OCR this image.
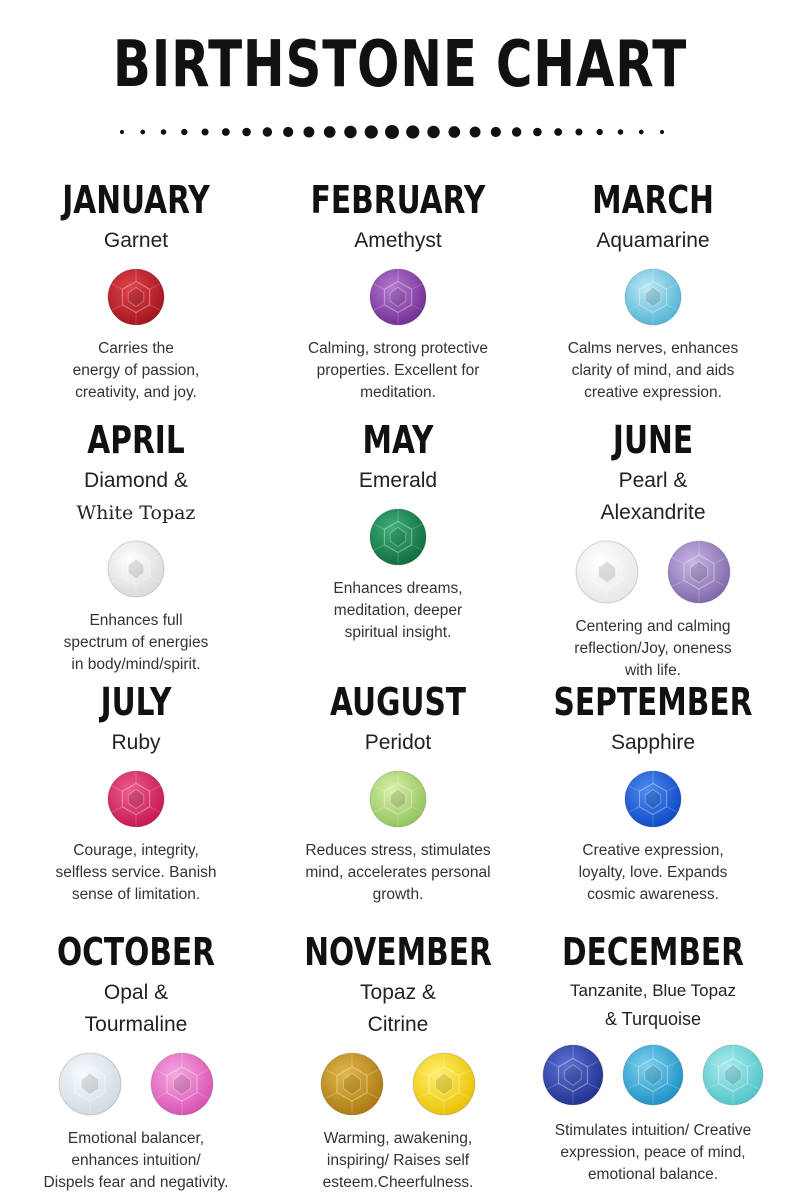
BIRTHSTONE CHART
JANUARY
Garnet
Carries the
energy of passion,
creativity, and joy.
FEBRUARY
Amethyst
Calming, strong protective
properties. Excellent for
meditation.
MARCH
Aquamarine
Calms nerves, enhances
clarity of mind, and aids
creative expression.
APRIL
Diamond &
White Topaz
Enhances full
spectrum of energies
in body/mind/spirit.
MAY
Emerald
Enhances dreams,
meditation, deeper
spiritual insight.
JUNE
Pearl &
Alexandrite
Centering and calming
reflection/Joy, oneness
with life.
JULY
Ruby
Courage, integrity,
selfless service. Banish
sense of limitation.
AUGUST
Peridot
Reduces stress, stimulates
mind, accelerates personal
growth.
SEPTEMBER
Sapphire
Creative expression,
loyalty, love. Expands
cosmic awareness.
OCTOBER
Opal &
Tourmaline
Emotional balancer,
enhances intuition/
Dispels fear and negativity.
NOVEMBER
Topaz &
Citrine
Warming, awakening,
inspiring/ Raises self
esteem.Cheerfulness.
DECEMBER
Tanzanite, Blue Topaz
& Turquoise
Stimulates intuition/ Creative
expression, peace of mind,
emotional balance.
